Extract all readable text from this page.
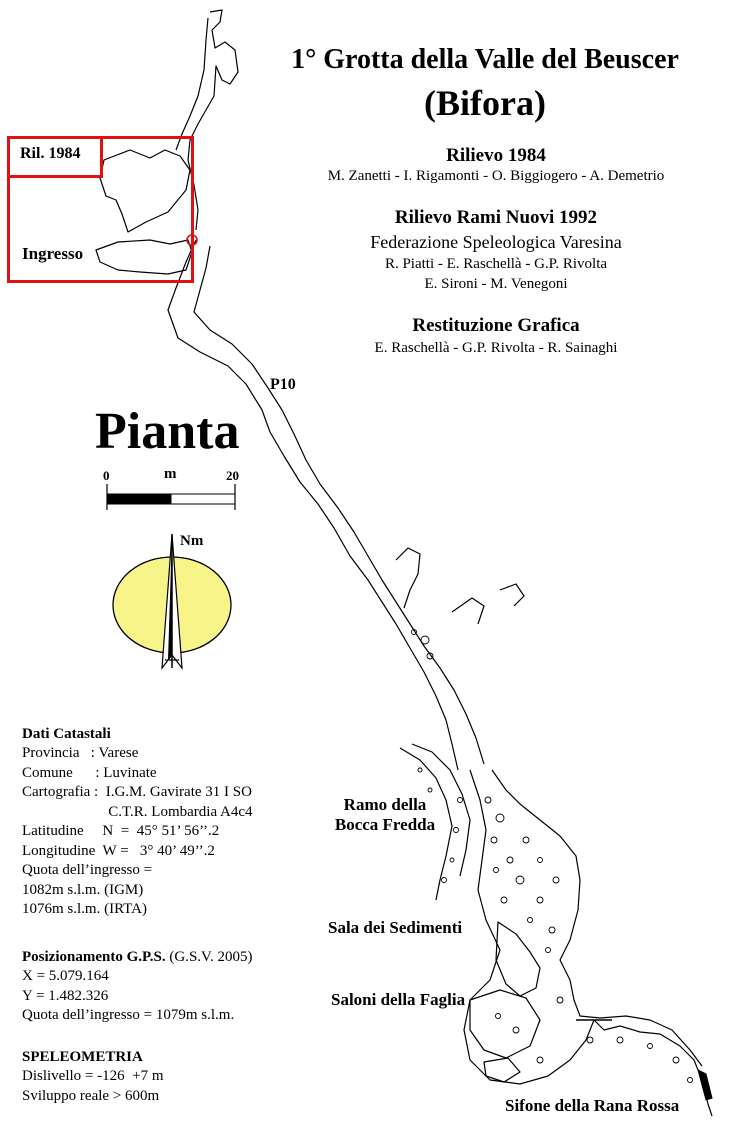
Ril. 1984
Ingresso
1° Grotta della Valle del Beuscer
(Bifora)
Rilievo 1984
M. Zanetti - I. Rigamonti - O. Biggiogero - A. Demetrio
Rilievo Rami Nuovi 1992
Federazione Speleologica Varesina
R. Piatti - E. Raschellà - G.P. Rivolta
E. Sironi - M. Venegoni
Restituzione Grafica
E. Raschellà - G.P. Rivolta - R. Sainaghi
P10
Pianta
0	m	20
Nm
Ramo della
Bocca Fredda
Sala dei Sedimenti
Saloni della Faglia
Sifone della Rana Rossa

Dati Catastali
Provincia   : Varese
Comune      : Luvinate
Cartografia :  I.G.M. Gavirate 31 I SO
C.T.R. Lombardia A4c4
Latitudine     N  =  45° 51’ 56’’.2
Longitudine  W =   3° 40’ 49’’.2
Quota dell’ingresso =
1082m s.l.m. (IGM)
1076m s.l.m. (IRTA)

Posizionamento G.P.S. (G.S.V. 2005)
X = 5.079.164
Y = 1.482.326
Quota dell’ingresso = 1079m s.l.m.

SPELEOMETRIA
Dislivello = -126  +7 m
Sviluppo reale > 600m
